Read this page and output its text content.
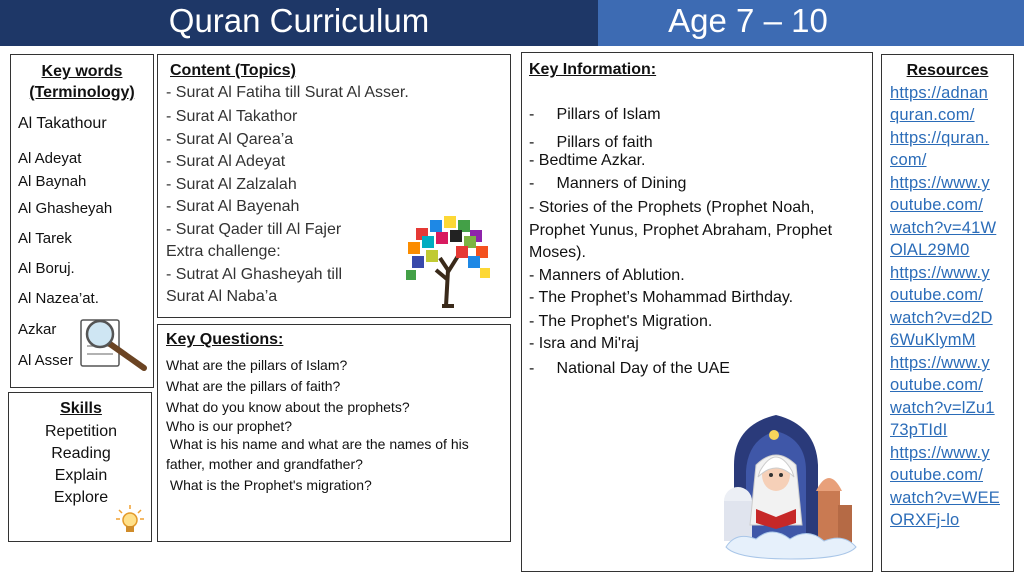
Quran Curriculum	Age 7 – 10
Key words
(Terminology)
Al Takathour
Al Adeyat
Al Baynah
Al Ghasheyah
Al Tarek
Al Boruj.
Al Nazea’at.
Azkar
Al Asser
Skills
Repetition
Reading
Explain
Explore
Content (Topics)
- Surat Al Fatiha till Surat Al Asser.
- Surat Al Takathor
- Surat Al Qarea’a
- Surat Al Adeyat
- Surat Al Zalzalah
- Surat Al Bayenah
- Surat Qader till Al Fajer
Extra challenge:
- Sutrat Al Ghasheyah till
Surat Al Naba’a
Key Questions:
What are the pillars of Islam?
What are the pillars of faith?
What do you know about the prophets?
Who is our prophet?
What is his name and what are the names of his
father, mother and grandfather?
What is the Prophet's migration?
Key Information:
-     Pillars of Islam
-     Pillars of faith
- Bedtime Azkar.
-     Manners of Dining
- Stories of the Prophets (Prophet Noah,
Prophet Yunus, Prophet Abraham, Prophet
Moses).
- Manners of Ablution.
- The Prophet’s Mohammad Birthday.
- The Prophet's Migration.
- Isra and Mi'raj
-     National Day of the UAE
Resources
https://adnan
quran.com/
https://quran.
com/
https://www.y
outube.com/
watch?v=41W
OlAL29M0
https://www.y
outube.com/
watch?v=d2D
6WuKlymM
https://www.y
outube.com/
watch?v=lZu1
73pTIdI
https://www.y
outube.com/
watch?v=WEE
ORXFj-lo
